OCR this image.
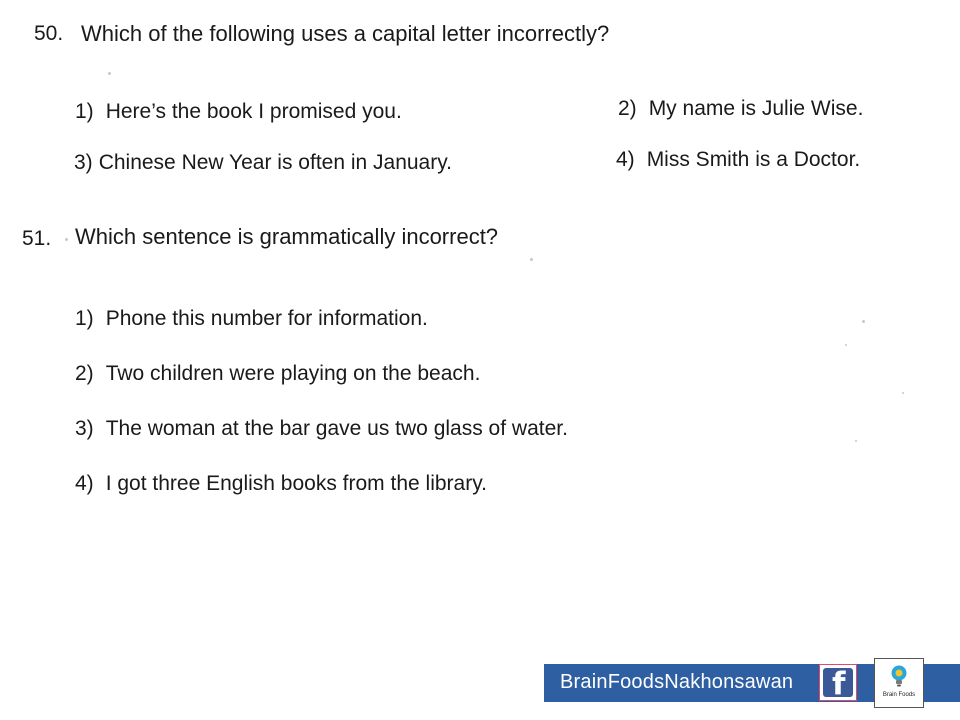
50. Which of the following uses a capital letter incorrectly?
1) Here’s the book I promised you.	2) My name is Julie Wise.
3) Chinese New Year is often in January.	4) Miss Smith is a Doctor.
51. Which sentence is grammatically incorrect?
1) Phone this number for information.
2) Two children were playing on the beach.
3) The woman at the bar gave us two glass of water.
4) I got three English books from the library.
BrainFoodsNakhonsawan f	Brain Foods
